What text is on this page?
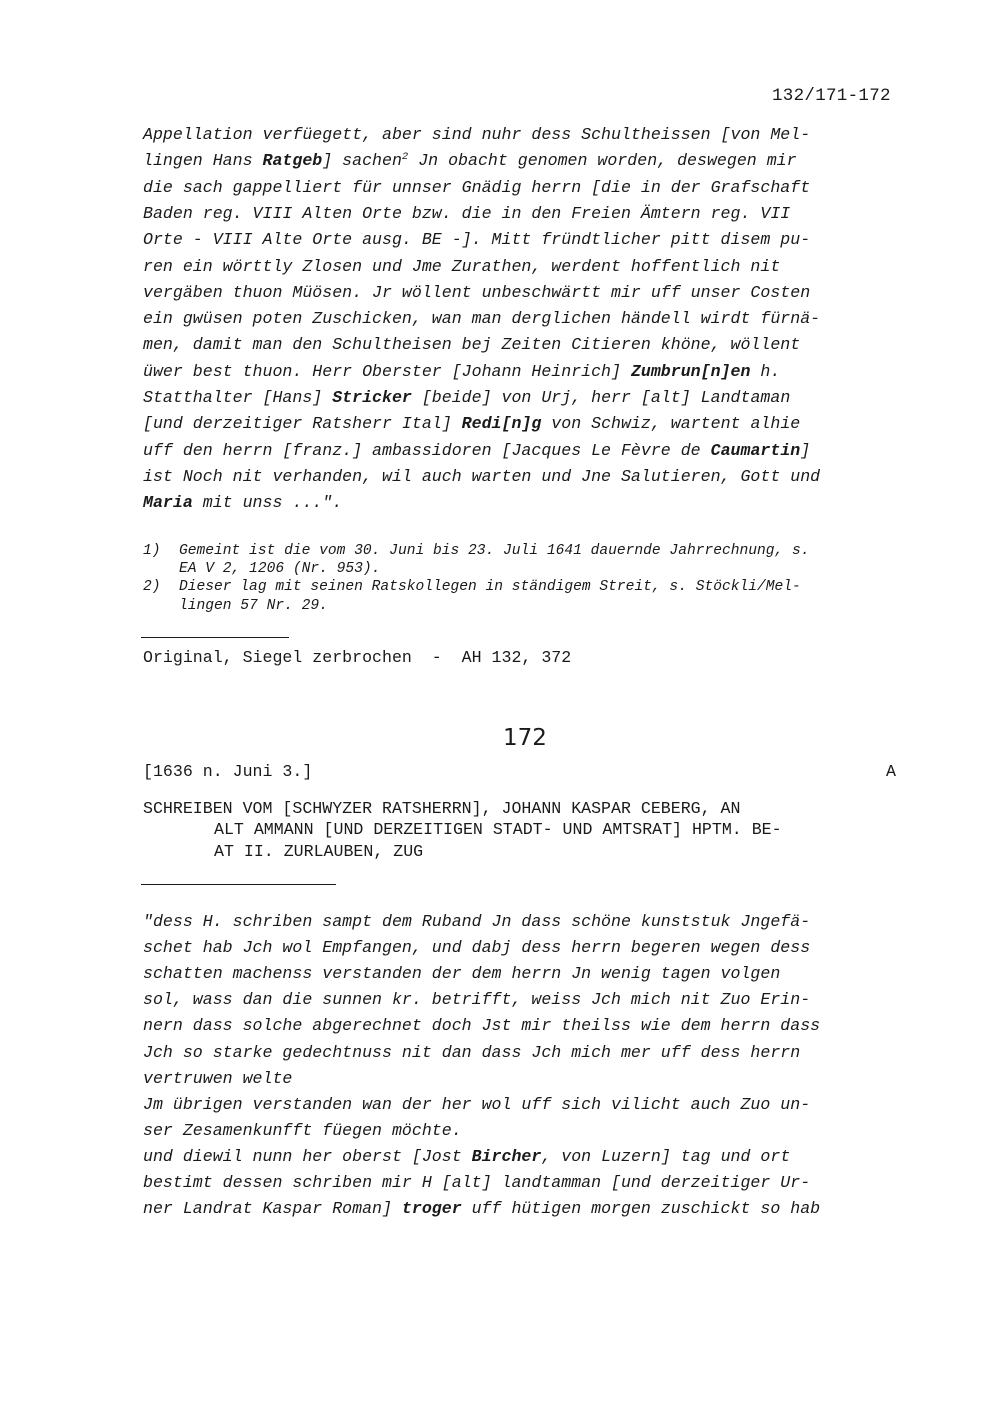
132/171-172
Appellation verfüegett, aber sind nuhr dess Schultheissen [von Mel-
lingen Hans Ratgeb] sachen$^2$ Jn obacht genomen worden, deswegen mir
die sach gappelliert für unnser Gnädig herrn [die in der Grafschaft
Baden reg. VIII Alten Orte bzw. die in den Freien Ämtern reg. VII
Orte - VIII Alte Orte ausg. BE -]. Mitt fründtlicher pitt disem pu-
ren ein wörttly Zlosen und Jme Zurathen, werdent hoffentlich nit
vergäben thuon Müösen. Jr wöllent unbeschwärtt mir uff unser Costen
ein gwüsen poten Zuschicken, wan man derglichen händell wirdt fürnä-
men, damit man den Schultheisen bej Zeiten Citieren khöne, wöllent
üwer best thuon. Herr Oberster [Johann Heinrich] Zumbrun[n]en h.
Statthalter [Hans] Stricker [beide] von Urj, herr [alt] Landtaman
[und derzeitiger Ratsherr Ital] Redi[n]g von Schwiz, wartent alhie
uff den herrn [franz.] ambassidoren [Jacques Le Fèvre de Caumartin]
ist Noch nit verhanden, wil auch warten und Jne Salutieren, Gott und
Maria mit unss ...".
1) Gemeint ist die vom 30. Juni bis 23. Juli 1641 dauernde Jahrrechnung, s.
EA V 2, 1206 (Nr. 953).
2) Dieser lag mit seinen Ratskollegen in ständigem Streit, s. Stöckli/Mel-
lingen 57 Nr. 29.
Original, Siegel zerbrochen  -  AH 132, 372
172
[1636 n. Juni 3.]	A
SCHREIBEN VOM [SCHWYZER RATSHERRN], JOHANN KASPAR CEBERG, AN
ALT AMMANN [UND DERZEITIGEN STADT- UND AMTSRAT] HPTM. BE-
AT II. ZURLAUBEN, ZUG
"dess H. schriben sampt dem Ruband Jn dass schöne kunststuk Jngefä-
schet hab Jch wol Empfangen, und dabj dess herrn begeren wegen dess
schatten machenss verstanden der dem herrn Jn wenig tagen volgen
sol, wass dan die sunnen kr. betrifft, weiss Jch mich nit Zuo Erin-
nern dass solche abgerechnet doch Jst mir theilss wie dem herrn dass
Jch so starke gedechtnuss nit dan dass Jch mich mer uff dess herrn
vertruwen welte
Jm übrigen verstanden wan der her wol uff sich vilicht auch Zuo un-
ser Zesamenkunfft füegen möchte.
und diewil nunn her oberst [Jost Bircher, von Luzern] tag und ort
bestimt dessen schriben mir H [alt] landtamman [und derzeitiger Ur-
ner Landrat Kaspar Roman] troger uff hütigen morgen zuschickt so hab
